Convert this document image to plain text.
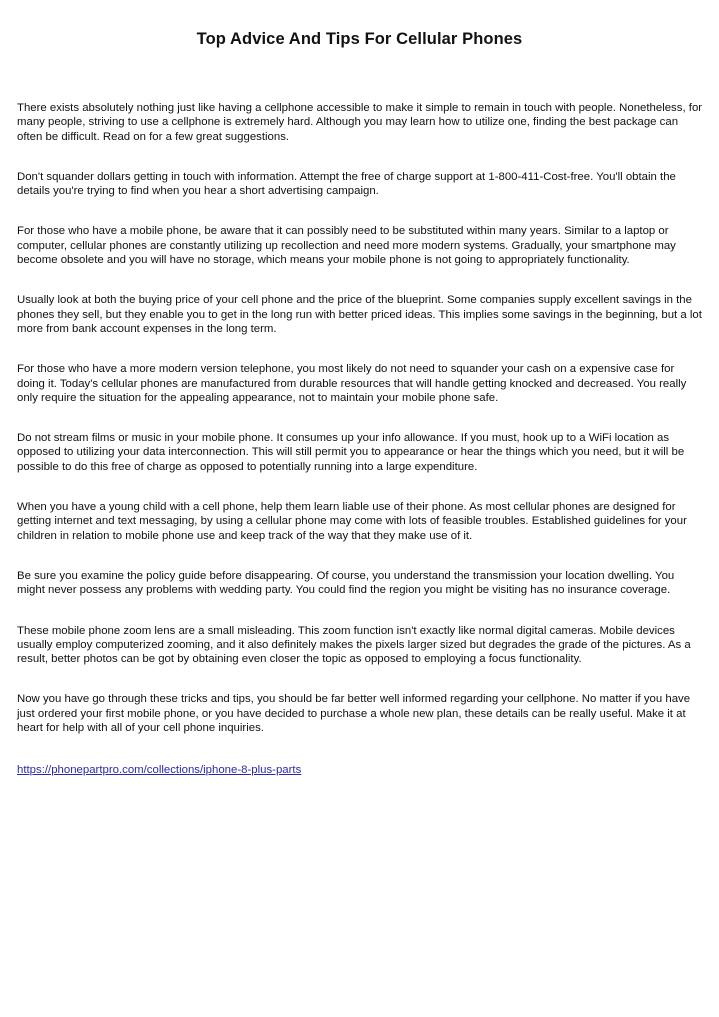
Top Advice And Tips For Cellular Phones

There exists absolutely nothing just like having a cellphone accessible to make it simple to remain in touch with people. Nonetheless, for many people, striving to use a cellphone is extremely hard. Although you may learn how to utilize one, finding the best package can often be difficult. Read on for a few great suggestions.

Don't squander dollars getting in touch with information. Attempt the free of charge support at 1-800-411-Cost-free. You'll obtain the details you're trying to find when you hear a short advertising campaign.

For those who have a mobile phone, be aware that it can possibly need to be substituted within many years. Similar to a laptop or computer, cellular phones are constantly utilizing up recollection and need more modern systems. Gradually, your smartphone may become obsolete and you will have no storage, which means your mobile phone is not going to appropriately functionality.

Usually look at both the buying price of your cell phone and the price of the blueprint. Some companies supply excellent savings in the phones they sell, but they enable you to get in the long run with better priced ideas. This implies some savings in the beginning, but a lot more from bank account expenses in the long term.

For those who have a more modern version telephone, you most likely do not need to squander your cash on a expensive case for doing it. Today's cellular phones are manufactured from durable resources that will handle getting knocked and decreased. You really only require the situation for the appealing appearance, not to maintain your mobile phone safe.

Do not stream films or music in your mobile phone. It consumes up your info allowance. If you must, hook up to a WiFi location as opposed to utilizing your data interconnection. This will still permit you to appearance or hear the things which you need, but it will be possible to do this free of charge as opposed to potentially running into a large expenditure.

When you have a young child with a cell phone, help them learn liable use of their phone. As most cellular phones are designed for getting internet and text messaging, by using a cellular phone may come with lots of feasible troubles. Established guidelines for your children in relation to mobile phone use and keep track of the way that they make use of it.

Be sure you examine the policy guide before disappearing. Of course, you understand the transmission your location dwelling. You might never possess any problems with wedding party. You could find the region you might be visiting has no insurance coverage.

These mobile phone zoom lens are a small misleading. This zoom function isn't exactly like normal digital cameras. Mobile devices usually employ computerized zooming, and it also definitely makes the pixels larger sized but degrades the grade of the pictures. As a result, better photos can be got by obtaining even closer the topic as opposed to employing a focus functionality.

Now you have go through these tricks and tips, you should be far better well informed regarding your cellphone. No matter if you have just ordered your first mobile phone, or you have decided to purchase a whole new plan, these details can be really useful. Make it at heart for help with all of your cell phone inquiries.

https://phonepartpro.com/collections/iphone-8-plus-parts
